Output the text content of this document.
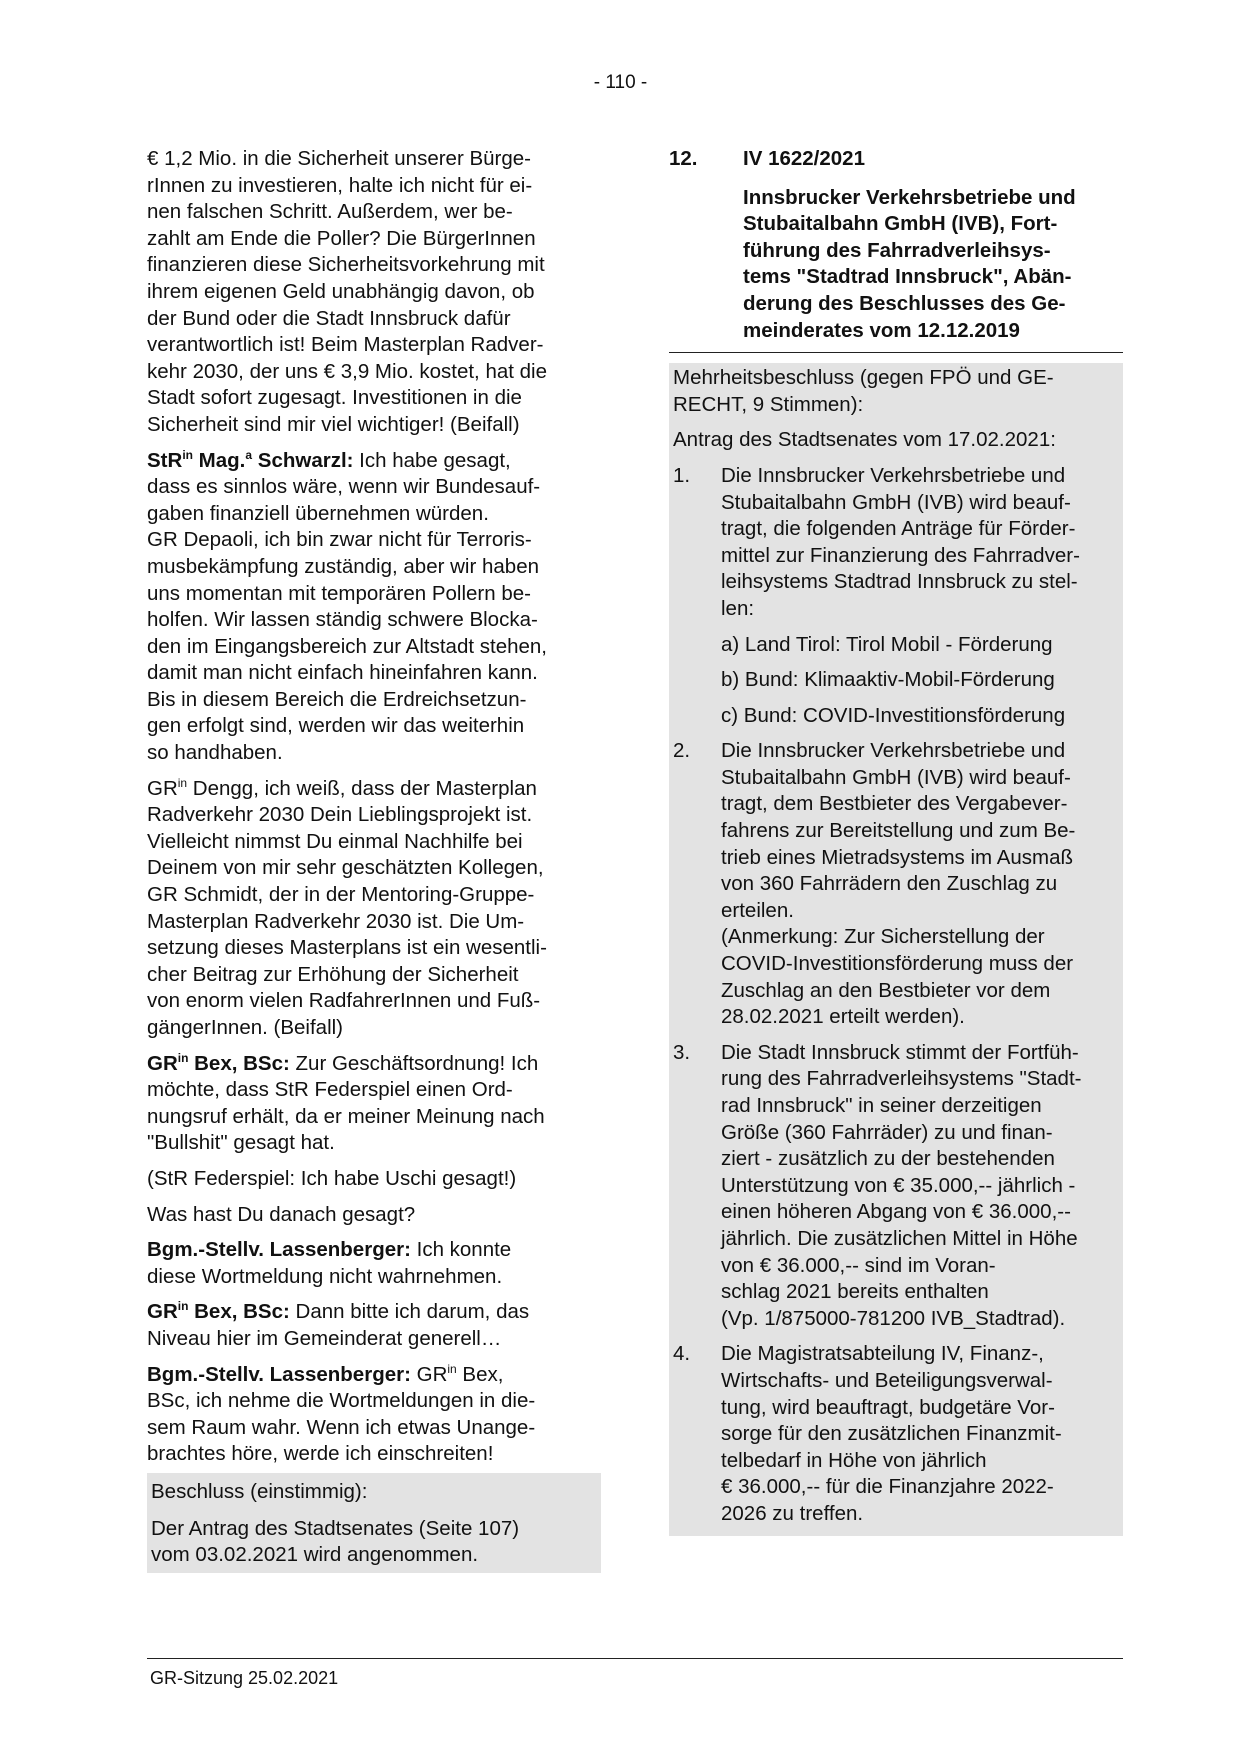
- 110 -
€ 1,2 Mio. in die Sicherheit unserer Bürge-
rInnen zu investieren, halte ich nicht für ei-
nen falschen Schritt. Außerdem, wer be-
zahlt am Ende die Poller? Die BürgerInnen
finanzieren diese Sicherheitsvorkehrung mit
ihrem eigenen Geld unabhängig davon, ob
der Bund oder die Stadt Innsbruck dafür
verantwortlich ist! Beim Masterplan Radver-
kehr 2030, der uns € 3,9 Mio. kostet, hat die
Stadt sofort zugesagt. Investitionen in die
Sicherheit sind mir viel wichtiger! (Beifall)
StR$^{in}$ Mag.$^a$ Schwarzl: Ich habe gesagt,
dass es sinnlos wäre, wenn wir Bundesauf-
gaben finanziell übernehmen würden.
GR Depaoli, ich bin zwar nicht für Terroris-
musbekämpfung zuständig, aber wir haben
uns momentan mit temporären Pollern be-
holfen. Wir lassen ständig schwere Blocka-
den im Eingangsbereich zur Altstadt stehen,
damit man nicht einfach hineinfahren kann.
Bis in diesem Bereich die Erdreichsetzun-
gen erfolgt sind, werden wir das weiterhin
so handhaben.
$GR^{in}$ Dengg, ich weiß, dass der Masterplan
Radverkehr 2030 Dein Lieblingsprojekt ist.
Vielleicht nimmst Du einmal Nachhilfe bei
Deinem von mir sehr geschätzten Kollegen,
GR Schmidt, der in der Mentoring-Gruppe-
Masterplan Radverkehr 2030 ist. Die Um-
setzung dieses Masterplans ist ein wesentli-
cher Beitrag zur Erhöhung der Sicherheit
von enorm vielen RadfahrerInnen und Fuß-
gängerInnen. (Beifall)
$GR^{in}$ Bex, BSc: Zur Geschäftsordnung! Ich
möchte, dass StR Federspiel einen Ord-
nungsruf erhält, da er meiner Meinung nach
"Bullshit" gesagt hat.
(StR Federspiel: Ich habe Uschi gesagt!)
Was hast Du danach gesagt?
Bgm.-Stellv. Lassenberger: Ich konnte
diese Wortmeldung nicht wahrnehmen.
$GR^{in}$ Bex, BSc: Dann bitte ich darum, das
Niveau hier im Gemeinderat generell…
Bgm.-Stellv. Lassenberger: $GR^{in}$ Bex,
BSc, ich nehme die Wortmeldungen in die-
sem Raum wahr. Wenn ich etwas Unange-
brachtes höre, werde ich einschreiten!
Beschluss (einstimmig):
Der Antrag des Stadtsenates (Seite 107)
vom 03.02.2021 wird angenommen.
12.	IV 1622/2021
Innsbrucker Verkehrsbetriebe und
Stubaitalbahn GmbH (IVB), Fort-
führung des Fahrradverleihsys-
tems "Stadtrad Innsbruck", Abän-
derung des Beschlusses des Ge-
meinderates vom 12.12.2019
Mehrheitsbeschluss (gegen FPÖ und GE-
RECHT, 9 Stimmen):
Antrag des Stadtsenates vom 17.02.2021:
1.	Die Innsbrucker Verkehrsbetriebe und
Stubaitalbahn GmbH (IVB) wird beauf-
tragt, die folgenden Anträge für Förder-
mittel zur Finanzierung des Fahrradver-
leihsystems Stadtrad Innsbruck zu stel-
len:
a) Land Tirol: Tirol Mobil - Förderung
b) Bund: Klimaaktiv-Mobil-Förderung
c) Bund: COVID-Investitionsförderung
2.	Die Innsbrucker Verkehrsbetriebe und
Stubaitalbahn GmbH (IVB) wird beauf-
tragt, dem Bestbieter des Vergabever-
fahrens zur Bereitstellung und zum Be-
trieb eines Mietradsystems im Ausmaß
von 360 Fahrrädern den Zuschlag zu
erteilen.
(Anmerkung: Zur Sicherstellung der
COVID-Investitionsförderung muss der
Zuschlag an den Bestbieter vor dem
28.02.2021 erteilt werden).
3.	Die Stadt Innsbruck stimmt der Fortfüh-
rung des Fahrradverleihsystems "Stadt-
rad Innsbruck" in seiner derzeitigen
Größe (360 Fahrräder) zu und finan-
ziert - zusätzlich zu der bestehenden
Unterstützung von € 35.000,-- jährlich -
einen höheren Abgang von € 36.000,--
jährlich. Die zusätzlichen Mittel in Höhe
von € 36.000,-- sind im Voran-
schlag 2021 bereits enthalten
(Vp. 1/875000-781200 IVB_Stadtrad).
4.	Die Magistratsabteilung IV, Finanz-,
Wirtschafts- und Beteiligungsverwal-
tung, wird beauftragt, budgetäre Vor-
sorge für den zusätzlichen Finanzmit-
telbedarf in Höhe von jährlich
€ 36.000,-- für die Finanzjahre 2022-
2026 zu treffen.
GR-Sitzung 25.02.2021
